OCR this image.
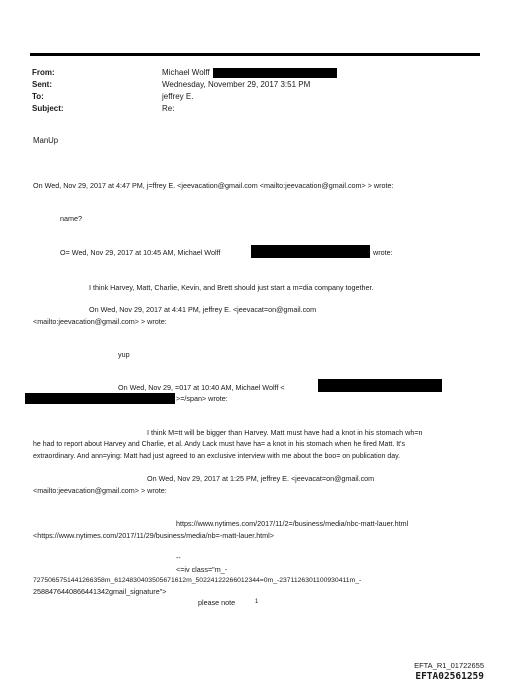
From:	Michael Wolff
Sent:	Wednesday, November 29, 2017 3:51 PM
To:	jeffrey E.
Subject:	Re:
ManUp
On Wed, Nov 29, 2017 at 4:47 PM, j=ffrey E. <jeevacation@gmail.com <mailto:jeevacation@gmail.com> > wrote:
name?
O= Wed, Nov 29, 2017 at 10:45 AM, Michael Wolff	wrote:
I think Harvey, Matt, Charlie, Kevin, and Brett should just start a m=dia company together.
On Wed, Nov 29, 2017 at 4:41 PM, jeffrey E. <jeevacat=on@gmail.com
<mailto:jeevacation@gmail.com> > wrote:
yup
On Wed, Nov 29, =017 at 10:40 AM, Michael Wolff <
>=/span> wrote:
I think M=tt will be bigger than Harvey. Matt must have had a knot in his stomach wh=n
he had to report about Harvey and Charlie, et al. Andy Lack must have ha= a knot in his stomach when he fired Matt. It's
extraordinary. And ann=ying: Matt had just agreed to an exclusive interview with me about the boo= on publication day.
On Wed, Nov 29, 2017 at 1:25 PM, jeffrey E. <jeevacat=on@gmail.com
<mailto:jeevacation@gmail.com> > wrote:
https://www.nytimes.com/2017/11/2=/business/media/nbc-matt-lauer.html
<https://www.nytimes.com/2017/11/29/business/media/nb=-matt-lauer.html>
--
<=iv class="m_-
7275065751441266358m_6124830403505671612m_50224122266012344=0m_-2371126301100930411m_-
2588476440866441342gmail_signature">
please note	1
EFTA_R1_01722655
EFTA02561259
